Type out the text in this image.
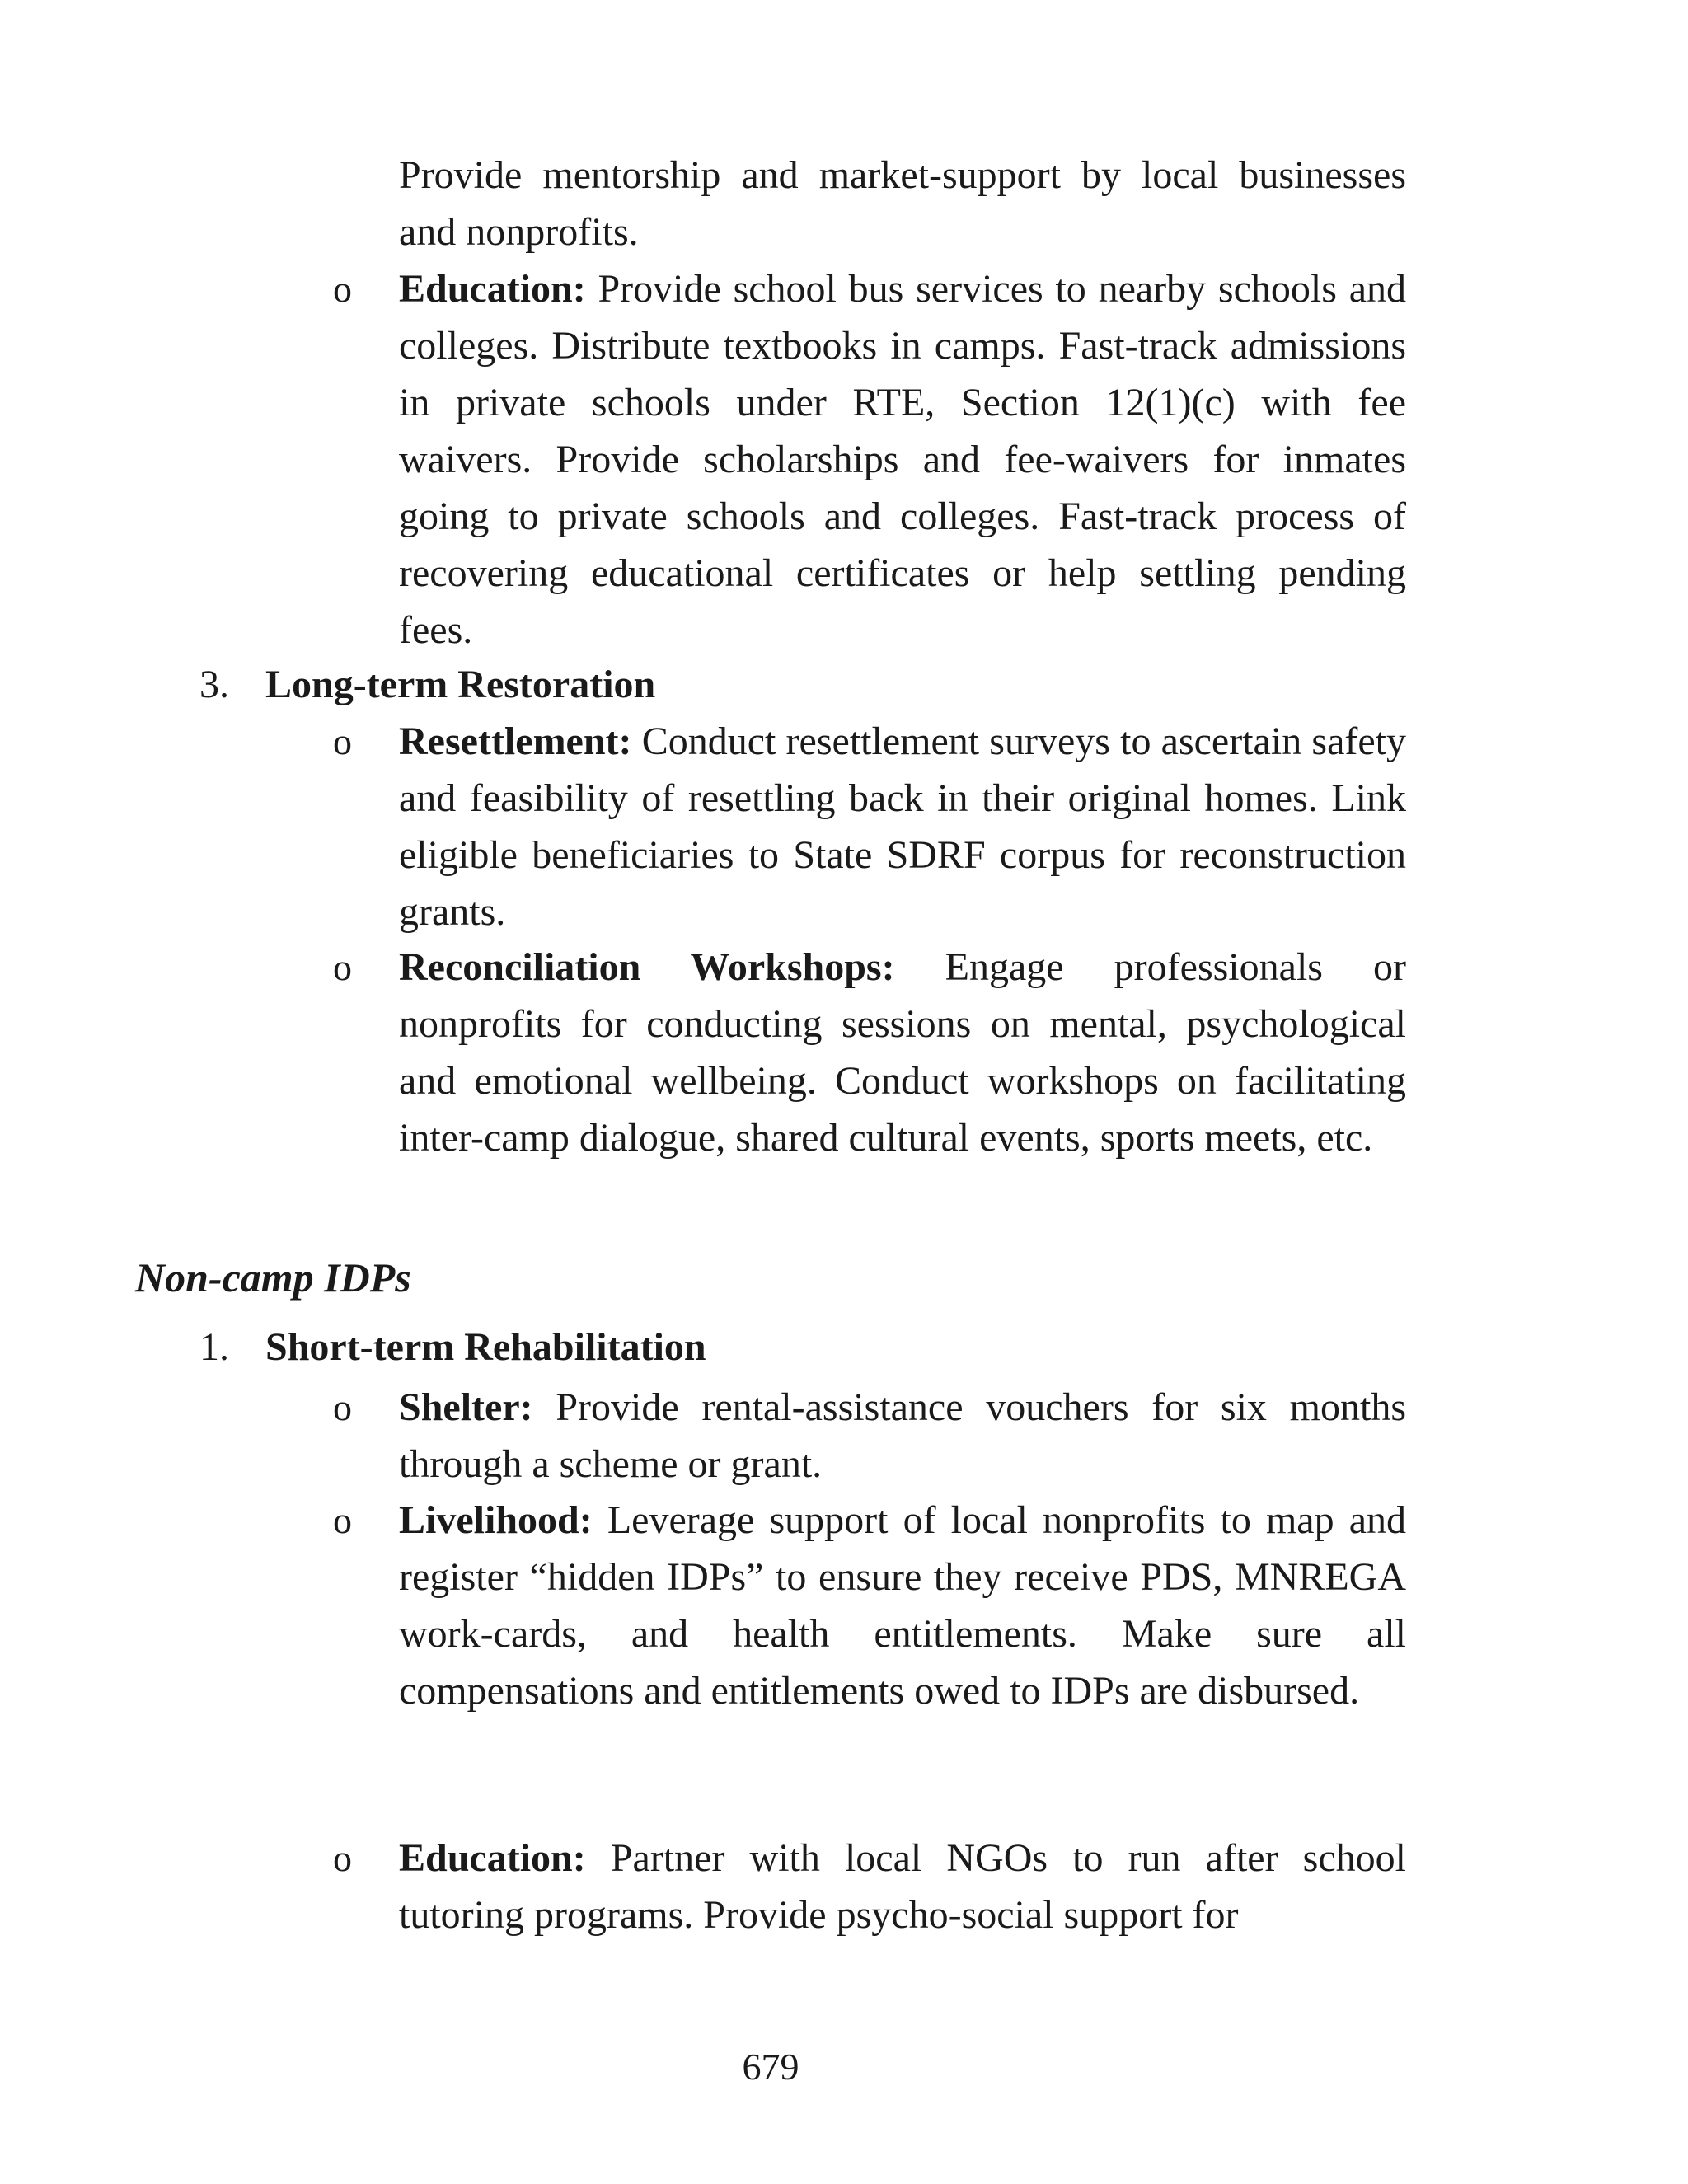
Provide mentorship and market-support by local businesses and nonprofits.
o Education: Provide school bus services to nearby schools and colleges. Distribute textbooks in camps. Fast-track admissions in private schools under RTE, Section 12(1)(c) with fee waivers. Provide scholarships and fee-waivers for inmates going to private schools and colleges. Fast-track process of recovering educational certificates or help settling pending fees.
3. Long-term Restoration
o Resettlement: Conduct resettlement surveys to ascertain safety and feasibility of resettling back in their original homes. Link eligible beneficiaries to State SDRF corpus for reconstruction grants.
o Reconciliation Workshops: Engage professionals or nonprofits for conducting sessions on mental, psychological and emotional wellbeing. Conduct workshops on facilitating inter-camp dialogue, shared cultural events, sports meets, etc.
Non-camp IDPs
1. Short-term Rehabilitation
o Shelter: Provide rental-assistance vouchers for six months through a scheme or grant.
o Livelihood: Leverage support of local nonprofits to map and register “hidden IDPs” to ensure they receive PDS, MNREGA work-cards, and health entitlements. Make sure all compensations and entitlements owed to IDPs are disbursed.
o Education: Partner with local NGOs to run after school tutoring programs. Provide psycho-social support for
679
